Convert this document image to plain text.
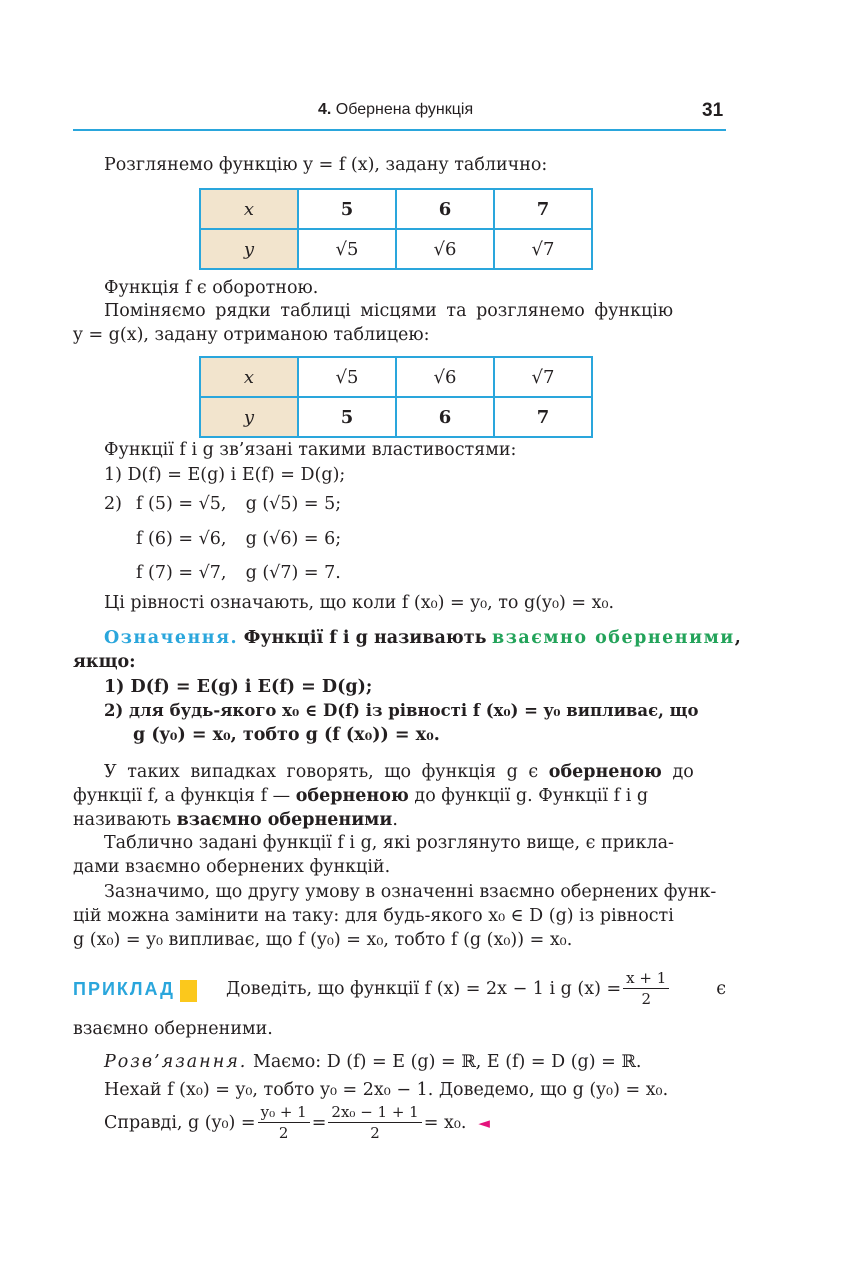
4. Обернена функція	31
Розглянемо функцію y = f (x), задану таблично:
x	5	6	7
y	√5	√6	√7
Функція f є оборотною.
Поміняємо рядки таблиці місцями та розглянемо функцію
y = g(x), задану отриманою таблицею:
x	√5	√6	√7
y	5	6	7
Функції f і g зв’язані такими властивостями:
1) D(f) = E(g) і E(f) = D(g);
2) f (5) = √5, g (√5) = 5;
f (6) = √6, g (√6) = 6;
f (7) = √7, g (√7) = 7.
Ці рівності означають, що коли f (x₀) = y₀, то g(y₀) = x₀.
Означення. Функції f і g називають взаємно оберненими,
якщо:
1) D(f) = E(g) і E(f) = D(g);
2) для будь-якого x₀ ∈ D(f) із рівності f (x₀) = y₀ випливає, що
g (y₀) = x₀, тобто g (f (x₀)) = x₀.
У таких випадках говорять, що функція g є оберненою до
функції f, а функція f — оберненою до функції g. Функції f і g
називають взаємно оберненими.
Таблично задані функції f і g, які розглянуто вище, є прикла-
дами взаємно обернених функцій.
Зазначимо, що другу умову в означенні взаємно обернених функ-
цій можна замінити на таку: для будь-якого x₀ ∈ D (g) із рівності
g (x₀) = y₀ випливає, що f (y₀) = x₀, тобто f (g (x₀)) = x₀.
ПРИКЛАД	Доведіть, що функції f (x) = 2x − 1 і g $(x) = \frac{x + 1}{2}$	є
взаємно оберненими.
Розв’язання. Маємо: D (f) = E (g) = ℝ, E (f) = D (g) = ℝ.
Нехай f (x₀) = y₀, тобто y₀ = 2x₀ − 1. Доведемо, що g (y₀) = x₀.
Справді, g $(y_0) = \frac{\text{y₀ + 1}}{2} = \frac{\text{2x₀ − 1 + 1}}{2} = x_0$. ◄
